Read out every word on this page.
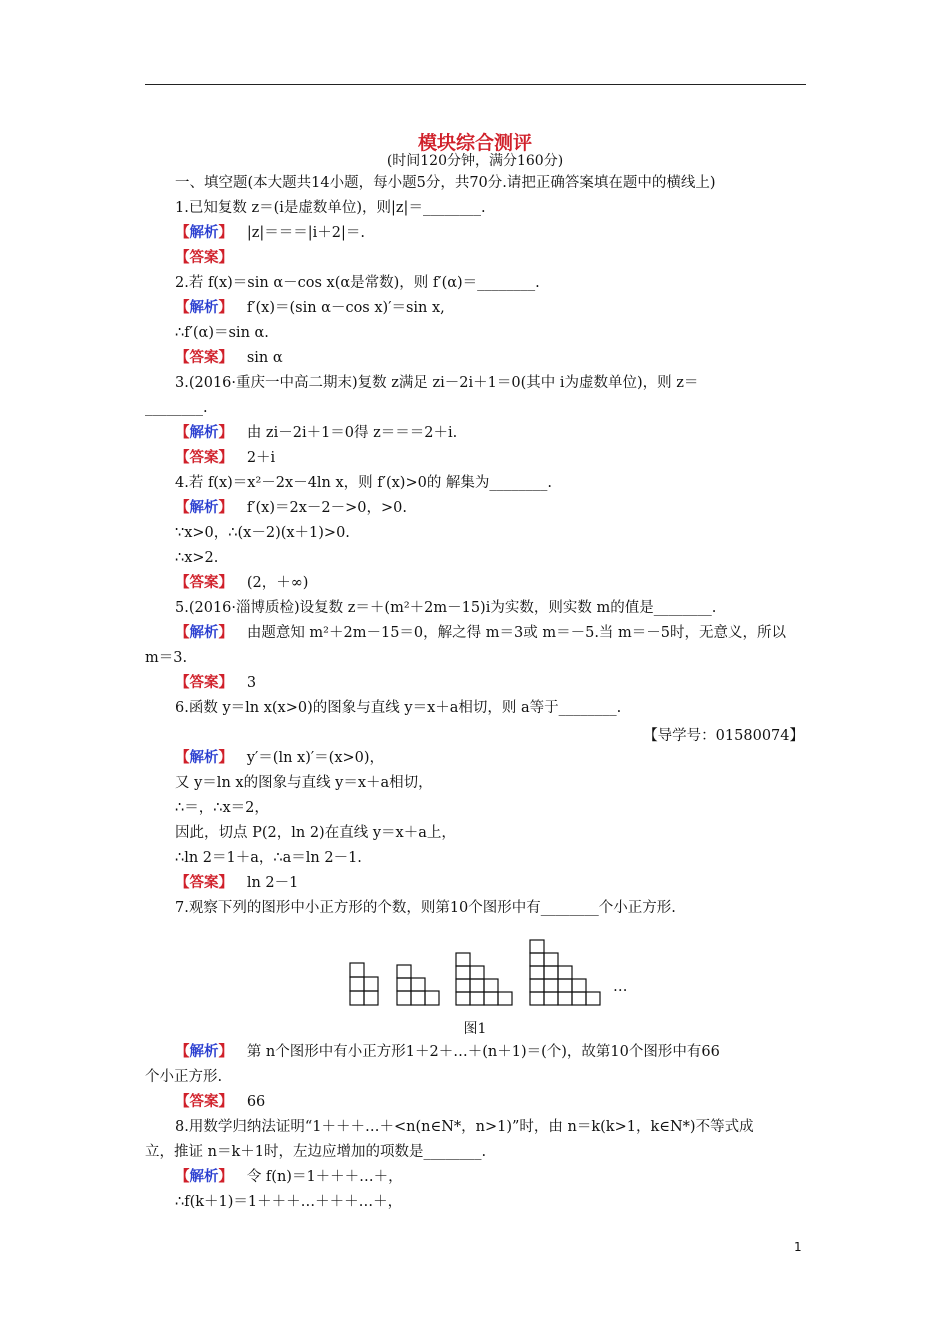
模块综合测评
(时间120分钟，满分160分)
一、填空题(本大题共14小题，每小题5分，共70分.请把正确答案填在题中的横线上)
1.已知复数 z＝(i是虚数单位)，则|z|＝________.
【解析】 |z|＝＝＝|i＋2|＝.
【答案】
2.若 f(x)＝sin α－cos x(α是常数)，则 f′(α)＝________.
【解析】 f′(x)＝(sin α－cos x)′＝sin x,
∴f′(α)＝sin α.
【答案】 sin α
3.(2016·重庆一中高二期末)复数 z满足 zi－2i＋1＝0(其中 i为虚数单位)，则 z＝
________.
【解析】 由 zi－2i＋1＝0得 z＝＝＝2＋i.
【答案】 2＋i
4.若 f(x)＝x²－2x－4ln x，则 f′(x)>0的 解集为________.
【解析】 f′(x)＝2x－2－>0，>0.
∵x>0，∴(x－2)(x＋1)>0.
∴x>2.
【答案】 (2，＋∞)
5.(2016·淄博质检)设复数 z＝＋(m²＋2m－15)i为实数，则实数 m的值是________.
【解析】 由题意知 m²＋2m－15＝0，解之得 m＝3或 m＝－5.当 m＝－5时，无意义，所以
m＝3.
【答案】 3
6.函数 y＝ln x(x>0)的图象与直线 y＝x＋a相切，则 a等于________.
【导学号：01580074】
【解析】 y′＝(ln x)′＝(x>0)，
又 y＝ln x的图象与直线 y＝x＋a相切，
∴＝，∴x＝2，
因此，切点 P(2，ln 2)在直线 y＝x＋a上，
∴ln 2＝1＋a，∴a＝ln 2－1.
【答案】 ln 2－1
7.观察下列的图形中小正方形的个数，则第10个图形中有________个小正方形.
…
图1
【解析】 第 n个图形中有小正方形1＋2＋…＋(n＋1)＝(个)，故第10个图形中有66
个小正方形.
【答案】 66
8.用数学归纳法证明“1＋＋＋…＋<n(n∈N*，n>1)”时，由 n＝k(k>1，k∈N*)不等式成
立，推证 n＝k＋1时，左边应增加的项数是________.
【解析】 令 f(n)＝1＋＋＋…＋，
∴f(k＋1)＝1＋＋＋…＋＋＋…＋，
1
